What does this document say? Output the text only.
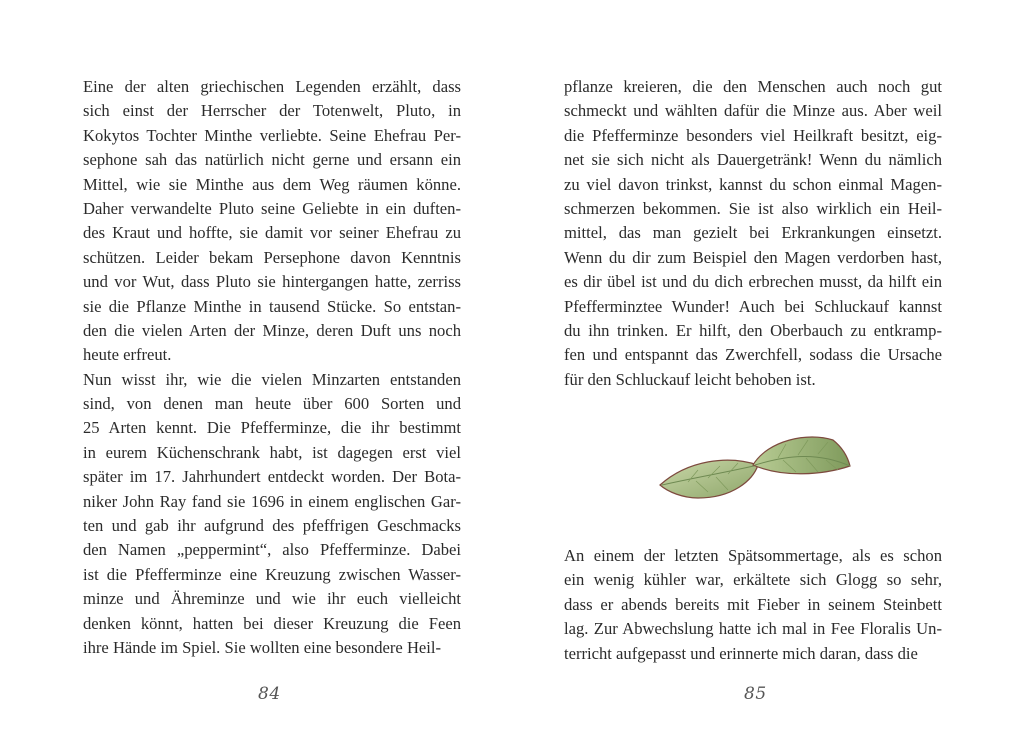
Eine der alten griechischen Legenden erzählt, dass
sich einst der Herrscher der Totenwelt, Pluto, in
Kokytos Tochter Minthe verliebte. Seine Ehefrau Per-
sephone sah das natürlich nicht gerne und ersann ein
Mittel, wie sie Minthe aus dem Weg räumen könne.
Daher verwandelte Pluto seine Geliebte in ein duften-
des Kraut und hoffte, sie damit vor seiner Ehefrau zu
schützen. Leider bekam Persephone davon Kenntnis
und vor Wut, dass Pluto sie hintergangen hatte, zerriss
sie die Pflanze Minthe in tausend Stücke. So entstan-
den die vielen Arten der Minze, deren Duft uns noch
heute erfreut.
Nun wisst ihr, wie die vielen Minzarten entstanden
sind, von denen man heute über 600 Sorten und
25 Arten kennt. Die Pfefferminze, die ihr bestimmt
in eurem Küchenschrank habt, ist dagegen erst viel
später im 17. Jahrhundert entdeckt worden. Der Bota-
niker John Ray fand sie 1696 in einem englischen Gar-
ten und gab ihr aufgrund des pfeffrigen Geschmacks
den Namen „peppermint“, also Pfefferminze. Dabei
ist die Pfefferminze eine Kreuzung zwischen Wasser-
minze und Ähreminze und wie ihr euch vielleicht
denken könnt, hatten bei dieser Kreuzung die Feen
ihre Hände im Spiel. Sie wollten eine besondere Heil-
84
pflanze kreieren, die den Menschen auch noch gut
schmeckt und wählten dafür die Minze aus. Aber weil
die Pfefferminze besonders viel Heilkraft besitzt, eig-
net sie sich nicht als Dauergetränk! Wenn du nämlich
zu viel davon trinkst, kannst du schon einmal Magen-
schmerzen bekommen. Sie ist also wirklich ein Heil-
mittel, das man gezielt bei Erkrankungen einsetzt.
Wenn du dir zum Beispiel den Magen verdorben hast,
es dir übel ist und du dich erbrechen musst, da hilft ein
Pfefferminztee Wunder! Auch bei Schluckauf kannst
du ihn trinken. Er hilft, den Oberbauch zu entkramp-
fen und entspannt das Zwerchfell, sodass die Ursache
für den Schluckauf leicht behoben ist.
An einem der letzten Spätsommertage, als es schon
ein wenig kühler war, erkältete sich Glogg so sehr,
dass er abends bereits mit Fieber in seinem Steinbett
lag. Zur Abwechslung hatte ich mal in Fee Floralis Un-
terricht aufgepasst und erinnerte mich daran, dass die
85
